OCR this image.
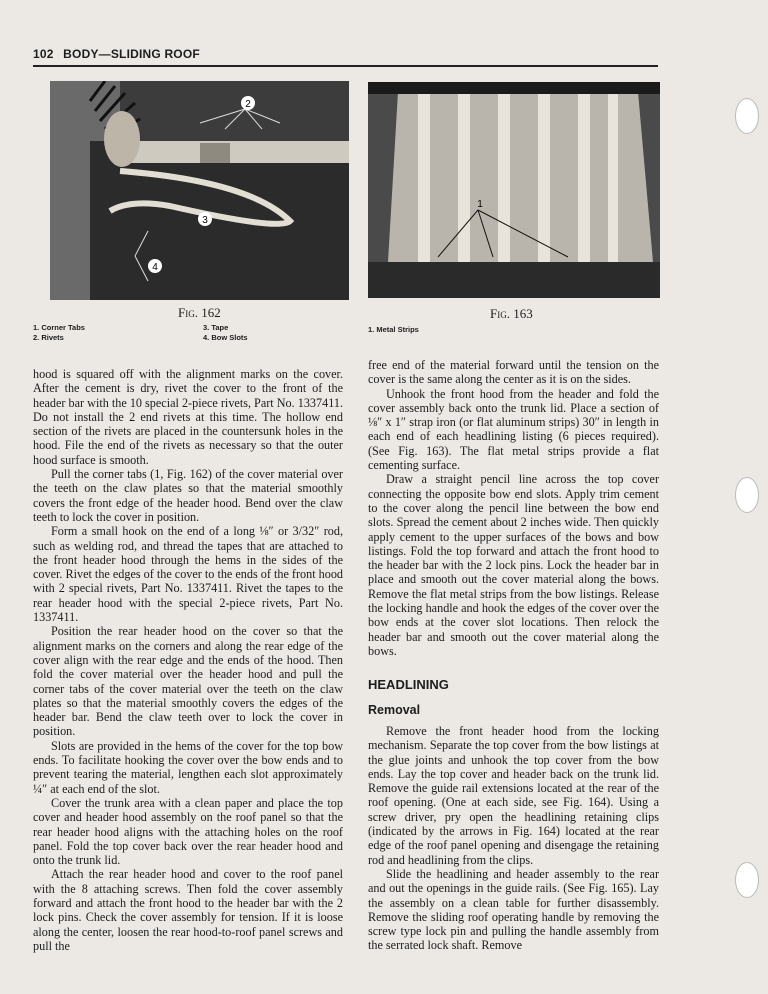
102 BODY—SLIDING ROOF
2
3
4
1
Fig. 162
1. Corner Tabs	3. Tape
2. Rivets	4. Bow Slots
Fig. 163
1. Metal Strips

hood is squared off with the alignment marks on the cover. After the cement is dry, rivet the cover to the front of the header bar with the 10 special 2-piece rivets, Part No. 1337411. Do not install the 2 end rivets at this time. The hollow end section of the rivets are placed in the countersunk holes in the hood. File the end of the rivets as necessary so that the outer hood surface is smooth.

Pull the corner tabs (1, Fig. 162) of the cover material over the teeth on the claw plates so that the material smoothly covers the front edge of the header hood. Bend over the claw teeth to lock the cover in position.

Form a small hook on the end of a long ⅛″ or 3/32″ rod, such as welding rod, and thread the tapes that are attached to the front header hood through the hems in the sides of the cover. Rivet the edges of the cover to the ends of the front hood with 2 special rivets, Part No. 1337411. Rivet the tapes to the rear header hood with the special 2-piece rivets, Part No. 1337411.

Position the rear header hood on the cover so that the alignment marks on the corners and along the rear edge of the cover align with the rear edge and the ends of the hood. Then fold the cover material over the header hood and pull the corner tabs of the cover material over the teeth on the claw plates so that the material smoothly covers the edges of the header bar. Bend the claw teeth over to lock the cover in position.

Slots are provided in the hems of the cover for the top bow ends. To facilitate hooking the cover over the bow ends and to prevent tearing the material, lengthen each slot approximately ¼″ at each end of the slot.

Cover the trunk area with a clean paper and place the top cover and header hood assembly on the roof panel so that the rear header hood aligns with the attaching holes on the roof panel. Fold the top cover back over the rear header hood and onto the trunk lid.

Attach the rear header hood and cover to the roof panel with the 8 attaching screws. Then fold the cover assembly forward and attach the front hood to the header bar with the 2 lock pins. Check the cover assembly for tension. If it is loose along the center, loosen the rear hood-to-roof panel screws and pull the

free end of the material forward until the tension on the cover is the same along the center as it is on the sides.

Unhook the front hood from the header and fold the cover assembly back onto the trunk lid. Place a section of ⅛″ x 1″ strap iron (or flat aluminum strips) 30″ in length in each end of each headlining listing (6 pieces required). (See Fig. 163). The flat metal strips provide a flat cementing surface.

Draw a straight pencil line across the top cover connecting the opposite bow end slots. Apply trim cement to the cover along the pencil line between the bow end slots. Spread the cement about 2 inches wide. Then quickly apply cement to the upper surfaces of the bows and bow listings. Fold the top forward and attach the front hood to the header bar with the 2 lock pins. Lock the header bar in place and smooth out the cover material along the bows. Remove the flat metal strips from the bow listings. Release the locking handle and hook the edges of the cover over the bow ends at the cover slot locations. Then relock the header bar and smooth out the cover material along the bows.

HEADLINING
Removal

Remove the front header hood from the locking mechanism. Separate the top cover from the bow listings at the glue joints and unhook the top cover from the bow ends. Lay the top cover and header back on the trunk lid. Remove the guide rail extensions located at the rear of the roof opening. (One at each side, see Fig. 164). Using a screw driver, pry open the headlining retaining clips (indicated by the arrows in Fig. 164) located at the rear edge of the roof panel opening and disengage the retaining rod and headlining from the clips.

Slide the headlining and header assembly to the rear and out the openings in the guide rails. (See Fig. 165). Lay the assembly on a clean table for further disassembly. Remove the sliding roof operating handle by removing the screw type lock pin and pulling the handle assembly from the serrated lock shaft. Remove
